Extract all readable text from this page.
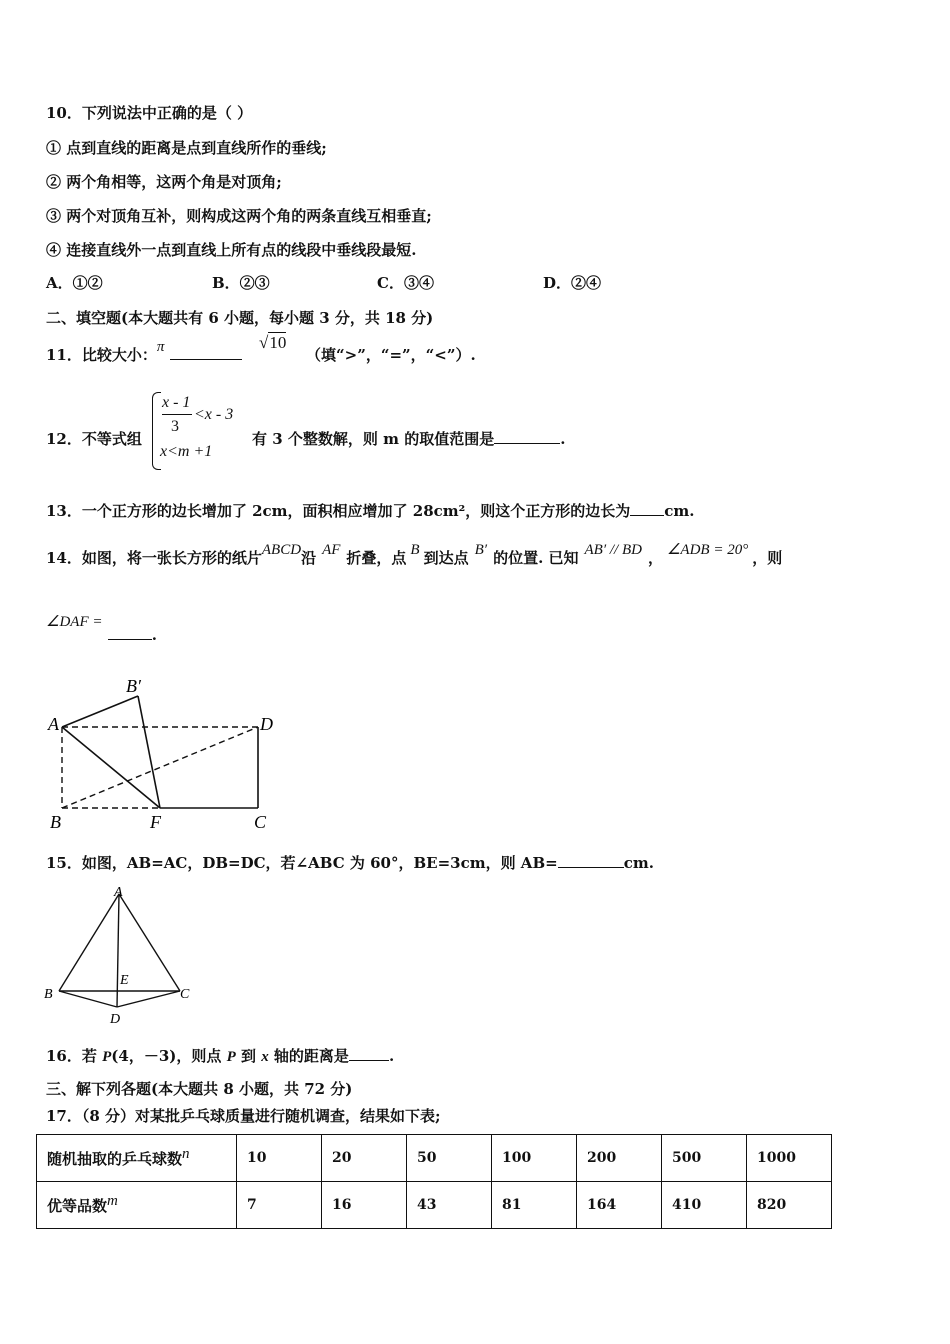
10．下列说法中正确的是（ ）
① 点到直线的距离是点到直线所作的垂线;
② 两个角相等，这两个角是对顶角;
③ 两个对顶角互补，则构成这两个角的两条直线互相垂直;
④ 连接直线外一点到直线上所有点的线段中垂线段最短.
A．①②	B．②③	C．③④	D．②④
二、填空题(本大题共有 6 小题，每小题 3 分，共 18 分)
11．比较大小：π	√10
（填“>”，“=”，“<”）.
12．不等式组
x - 1
3
<x - 3
x<m +1
有 3 个整数解，则 m 的取值范围是	.
13．一个正方形的边长增加了 2cm，面积相应增加了 28cm²，则这个正方形的边长为 cm.
14．如图，将一张长方形的纸片ABCD沿 AF 折叠，点 B 到达点 B′ 的位置. 已知 AB′ // BD ， ∠ADB = 20° ，则
∠DAF = .
A
B′
D
B	F	C
15．如图，AB=AC，DB=DC，若∠ABC 为 60°，BE=3cm，则 AB=	cm.
A
B	C
D
E
16．若 P(4，－3)，则点 P 到 x 轴的距离是	.
三、解下列各题(本大题共 8 小题，共 72 分)
17．（8 分）对某批乒乓球质量进行随机调查，结果如下表;
随机抽取的乒乓球数n	10	20	50	100	200	500	1000
优等品数m	7	16	43	81	164	410	820
